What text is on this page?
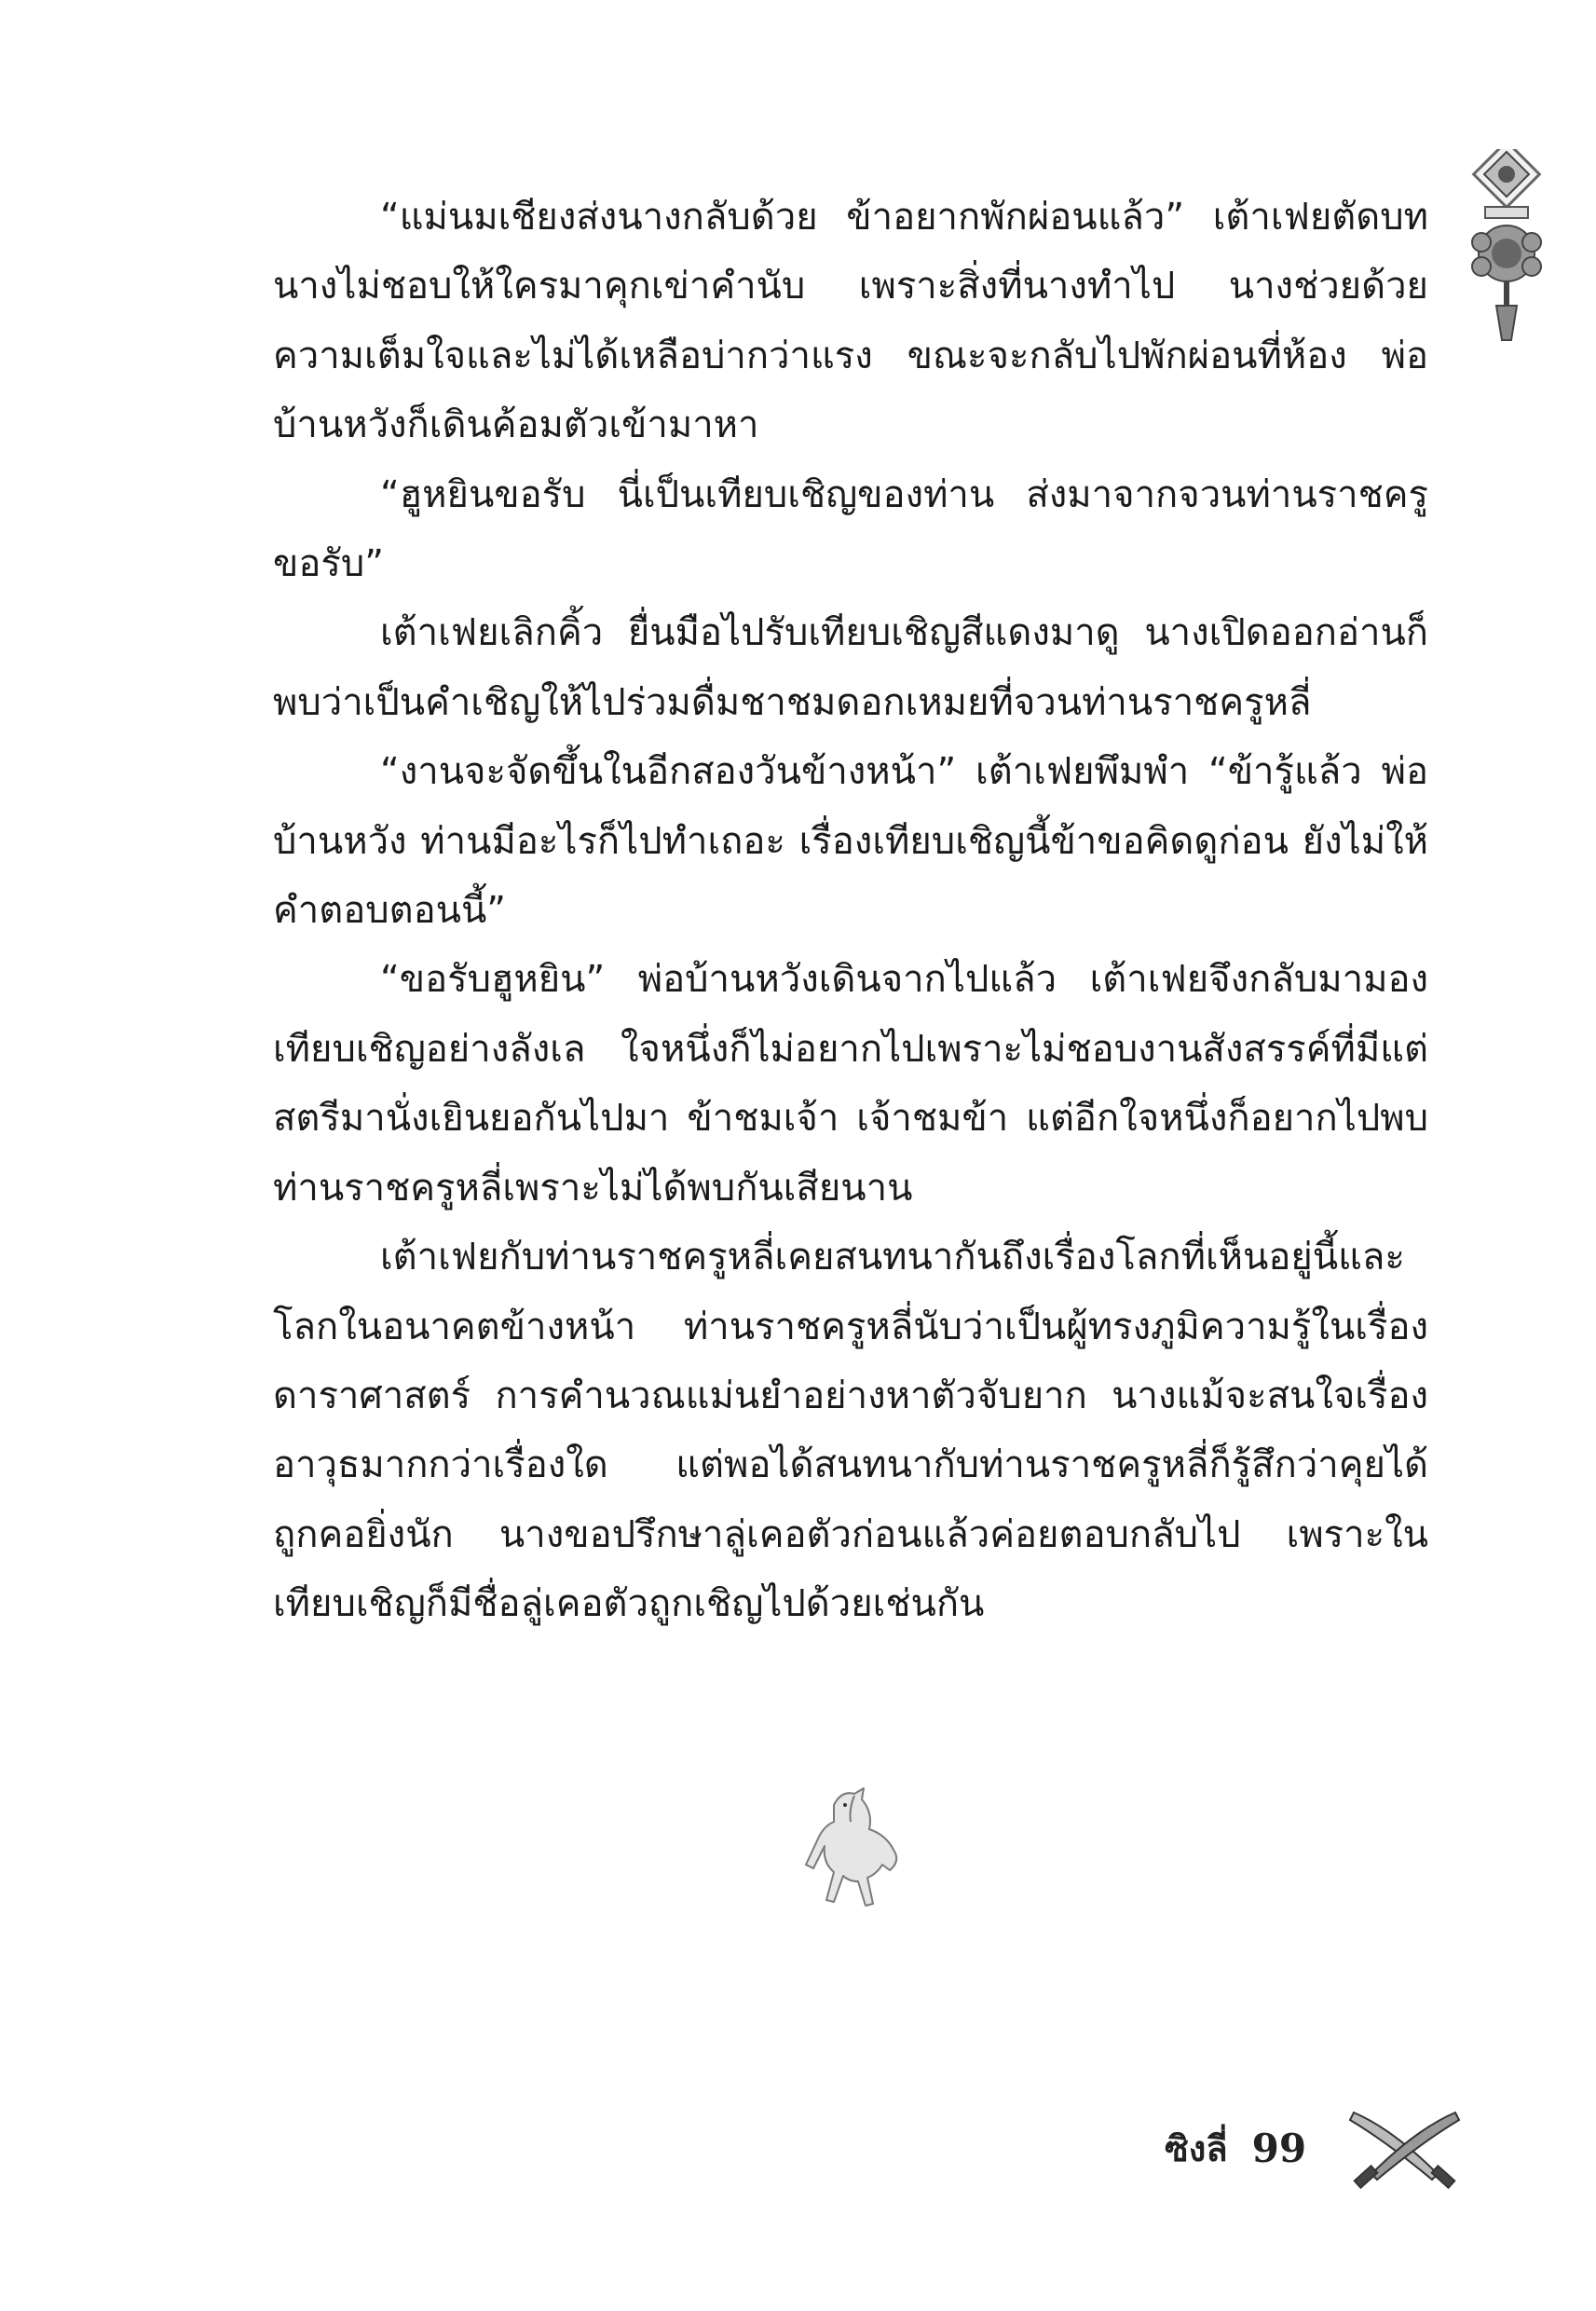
“แม่นมเชียงส่งนางกลับด้วย ข้าอยากพักผ่อนแล้ว” เต้าเฟยตัดบท นางไม่ชอบให้ใครมาคุกเข่าคำนับ เพราะสิ่งที่นางทำไป นางช่วยด้วยความเต็มใจและไม่ได้เหลือบ่ากว่าแรง ขณะจะกลับไปพักผ่อนที่ห้อง พ่อบ้านหวังก็เดินค้อมตัวเข้ามาหา

“ฮูหยินขอรับ นี่เป็นเทียบเชิญของท่าน ส่งมาจากจวนท่านราชครูขอรับ”

เต้าเฟยเลิกคิ้ว ยื่นมือไปรับเทียบเชิญสีแดงมาดู นางเปิดออกอ่านก็พบว่าเป็นคำเชิญให้ไปร่วมดื่มชาชมดอกเหมยที่จวนท่านราชครูหลี่

“งานจะจัดขึ้นในอีกสองวันข้างหน้า” เต้าเฟยพึมพำ “ข้ารู้แล้ว พ่อบ้านหวัง ท่านมีอะไรก็ไปทำเถอะ เรื่องเทียบเชิญนี้ข้าขอคิดดูก่อน ยังไม่ให้คำตอบตอนนี้”

“ขอรับฮูหยิน” พ่อบ้านหวังเดินจากไปแล้ว เต้าเฟยจึงกลับมามองเทียบเชิญอย่างลังเล ใจหนึ่งก็ไม่อยากไปเพราะไม่ชอบงานสังสรรค์ที่มีแต่สตรีมานั่งเยินยอกันไปมา ข้าชมเจ้า เจ้าชมข้า แต่อีกใจหนึ่งก็อยากไปพบท่านราชครูหลี่เพราะไม่ได้พบกันเสียนาน

เต้าเฟยกับท่านราชครูหลี่เคยสนทนากันถึงเรื่องโลกที่เห็นอยู่นี้และโลกในอนาคตข้างหน้า ท่านราชครูหลี่นับว่าเป็นผู้ทรงภูมิความรู้ในเรื่องดาราศาสตร์ การคำนวณแม่นยำอย่างหาตัวจับยาก นางแม้จะสนใจเรื่องอาวุธมากกว่าเรื่องใด แต่พอได้สนทนากับท่านราชครูหลี่ก็รู้สึกว่าคุยได้ถูกคอยิ่งนัก นางขอปรึกษาลู่เคอตัวก่อนแล้วค่อยตอบกลับไป เพราะในเทียบเชิญก็มีชื่อลู่เคอตัวถูกเชิญไปด้วยเช่นกัน

ซิงลี่ 99
